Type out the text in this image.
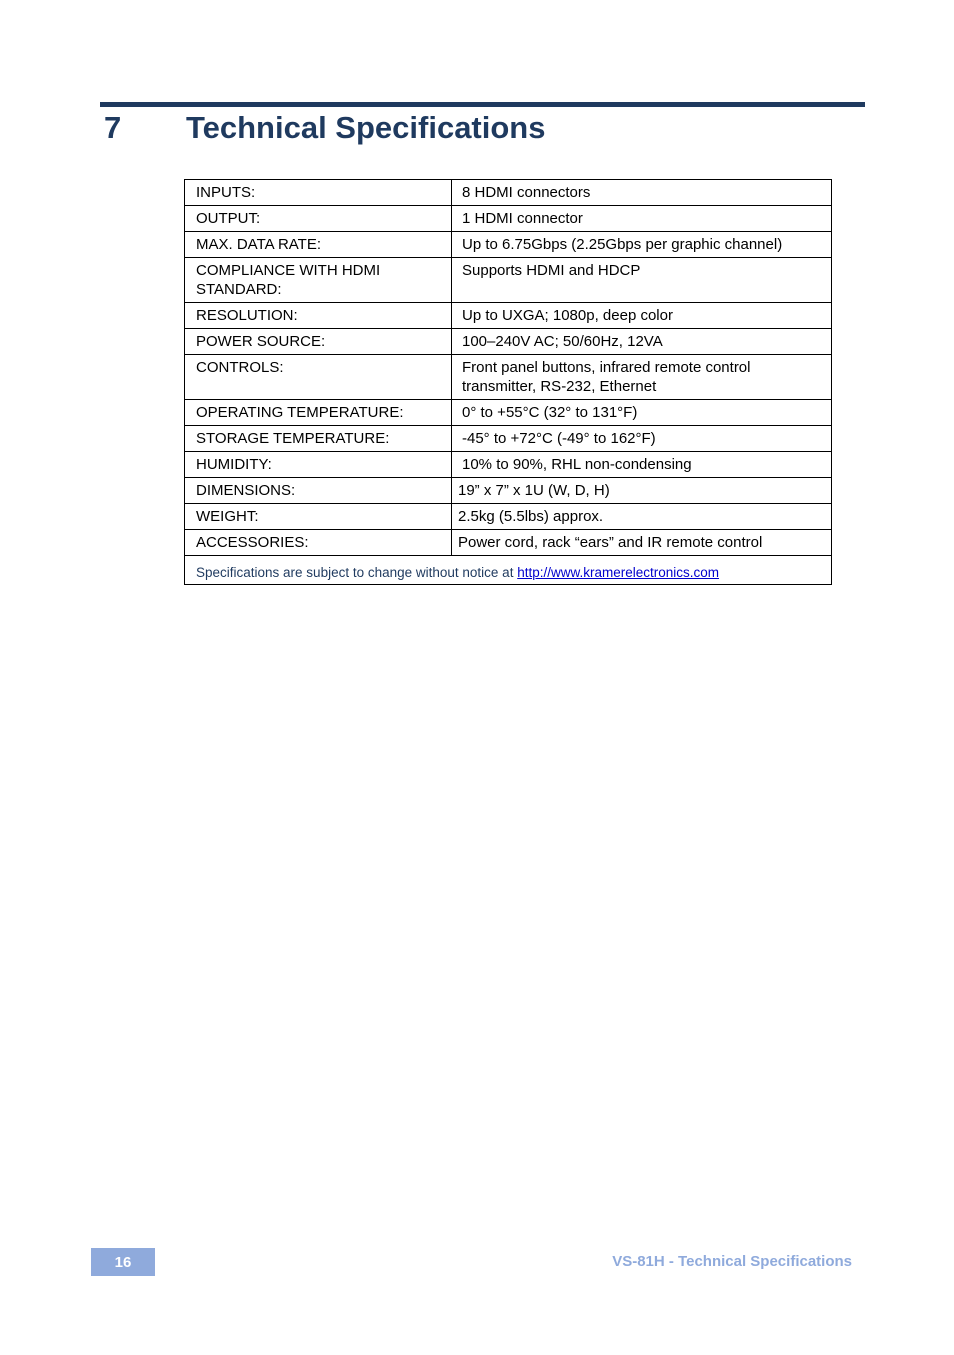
7 Technical Specifications
INPUTS:	8 HDMI connectors
OUTPUT:	1 HDMI connector
MAX. DATA RATE:	Up to 6.75Gbps (2.25Gbps per graphic channel)
COMPLIANCE WITH HDMI STANDARD:	Supports HDMI and HDCP
RESOLUTION:	Up to UXGA; 1080p, deep color
POWER SOURCE:	100–240V AC; 50/60Hz, 12VA
CONTROLS:	Front panel buttons, infrared remote control transmitter, RS-232, Ethernet
OPERATING TEMPERATURE:	0° to +55°C (32° to 131°F)
STORAGE TEMPERATURE:	-45° to +72°C (-49° to 162°F)
HUMIDITY:	10% to 90%, RHL non-condensing
DIMENSIONS:	19” x 7” x 1U (W, D, H)
WEIGHT:	2.5kg (5.5lbs) approx.
ACCESSORIES:	Power cord, rack “ears” and IR remote control
Specifications are subject to change without notice at http://www.kramerelectronics.com	
16	VS-81H - Technical Specifications
